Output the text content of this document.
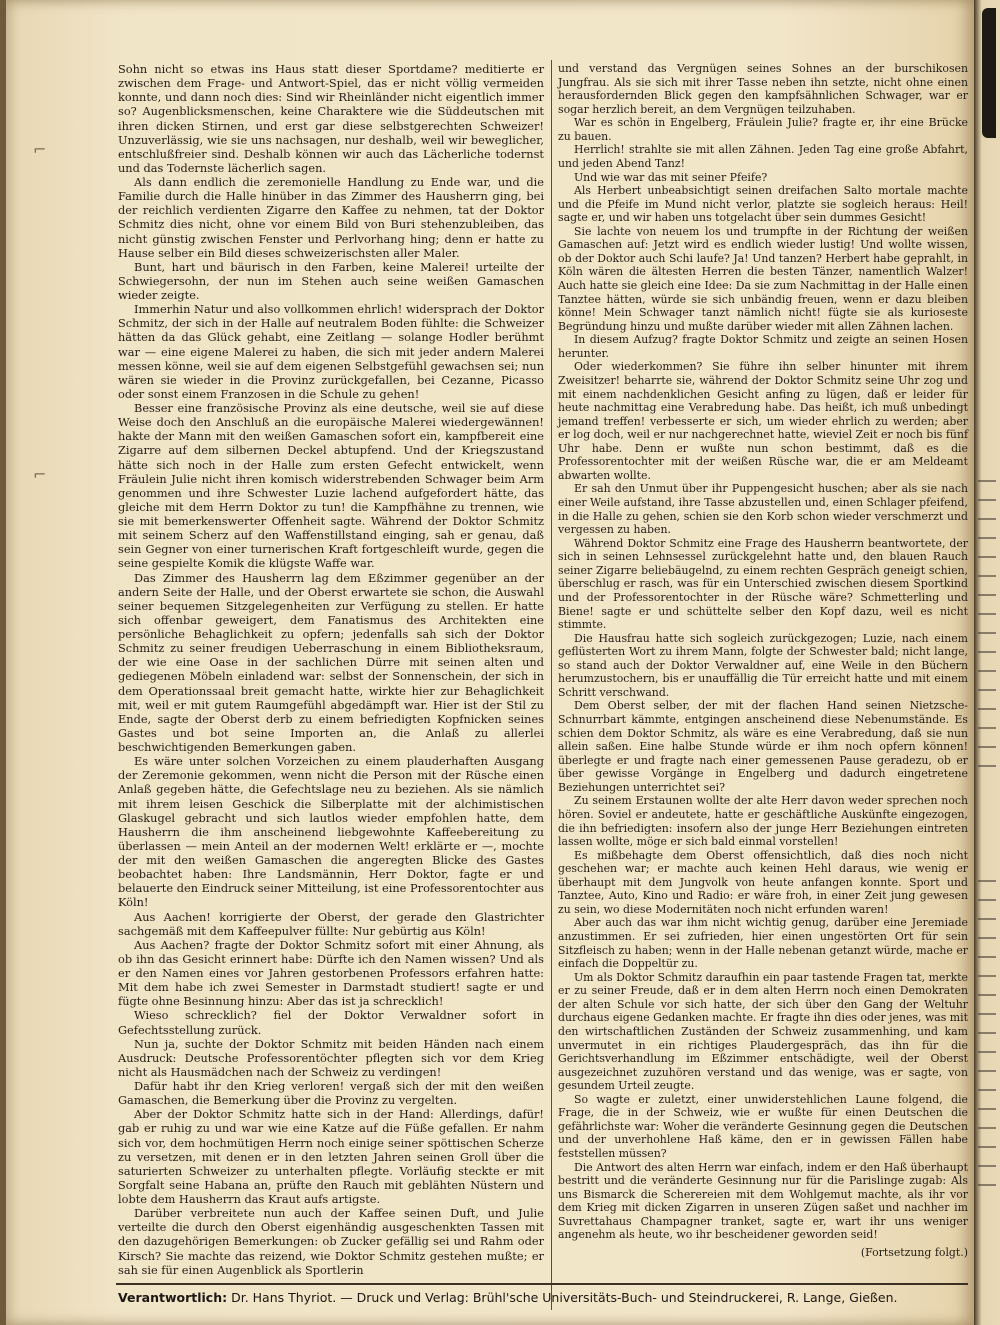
⌐
⌐

Sohn nicht so etwas ins Haus statt dieser Sportdame? meditierte er zwischen dem Frage- und Antwort-Spiel, das er nicht völlig vermeiden konnte, und dann noch dies: Sind wir Rheinländer nicht eigentlich immer so? Augenblicksmenschen, keine Charaktere wie die Süddeutschen mit ihren dicken Stirnen, und erst gar diese selbstgerechten Schweizer! Unzuverlässig, wie sie uns nachsagen, nur deshalb, weil wir beweglicher, entschlußfreier sind. Deshalb können wir auch das Lächerliche todernst und das Todernste lächerlich sagen.

Als dann endlich die zeremonielle Handlung zu Ende war, und die Familie durch die Halle hinüber in das Zimmer des Hausherrn ging, bei der reichlich verdienten Zigarre den Kaffee zu nehmen, tat der Doktor Schmitz dies nicht, ohne vor einem Bild von Buri stehenzubleiben, das nicht günstig zwischen Fenster und Perlvorhang hing; denn er hatte zu Hause selber ein Bild dieses schweizerischsten aller Maler.

Bunt, hart und bäurisch in den Farben, keine Malerei! urteilte der Schwiegersohn, der nun im Stehen auch seine weißen Gamaschen wieder zeigte.

Immerhin Natur und also vollkommen ehrlich! widersprach der Doktor Schmitz, der sich in der Halle auf neutralem Boden fühlte: die Schweizer hätten da das Glück gehabt, eine Zeitlang — solange Hodler berühmt war — eine eigene Malerei zu haben, die sich mit jeder andern Malerei messen könne, weil sie auf dem eigenen Selbstgefühl gewachsen sei; nun wären sie wieder in die Provinz zurückgefallen, bei Cezanne, Picasso oder sonst einem Franzosen in die Schule zu gehen!

Besser eine französische Provinz als eine deutsche, weil sie auf diese Weise doch den Anschluß an die europäische Malerei wiedergewännen! hakte der Mann mit den weißen Gamaschen sofort ein, kampfbereit eine Zigarre auf dem silbernen Deckel abtupfend. Und der Kriegszustand hätte sich noch in der Halle zum ersten Gefecht entwickelt, wenn Fräulein Julie nicht ihren komisch widerstrebenden Schwager beim Arm genommen und ihre Schwester Luzie lachend aufgefordert hätte, das gleiche mit dem Herrn Doktor zu tun! die Kampfhähne zu trennen, wie sie mit bemerkenswerter Offenheit sagte. Während der Doktor Schmitz mit seinem Scherz auf den Waffenstillstand einging, sah er genau, daß sein Gegner von einer turnerischen Kraft fortgeschleift wurde, gegen die seine gespielte Komik die klügste Waffe war.

Das Zimmer des Hausherrn lag dem Eßzimmer gegenüber an der andern Seite der Halle, und der Oberst erwartete sie schon, die Auswahl seiner bequemen Sitzgelegenheiten zur Verfügung zu stellen. Er hatte sich offenbar geweigert, dem Fanatismus des Architekten eine persönliche Behaglichkeit zu opfern; jedenfalls sah sich der Doktor Schmitz zu seiner freudigen Ueberraschung in einem Bibliotheksraum, der wie eine Oase in der sachlichen Dürre mit seinen alten und gediegenen Möbeln einladend war: selbst der Sonnenschein, der sich in dem Operationssaal breit gemacht hatte, wirkte hier zur Behaglichkeit mit, weil er mit gutem Raumgefühl abgedämpft war. Hier ist der Stil zu Ende, sagte der Oberst derb zu einem befriedigten Kopfnicken seines Gastes und bot seine Importen an, die Anlaß zu allerlei beschwichtigenden Bemerkungen gaben.

Es wäre unter solchen Vorzeichen zu einem plauderhaften Ausgang der Zeremonie gekommen, wenn nicht die Person mit der Rüsche einen Anlaß gegeben hätte, die Gefechtslage neu zu beziehen. Als sie nämlich mit ihrem leisen Geschick die Silberplatte mit der alchimistischen Glaskugel gebracht und sich lautlos wieder empfohlen hatte, dem Hausherrn die ihm anscheinend liebgewohnte Kaffeebereitung zu überlassen — mein Anteil an der modernen Welt! erklärte er —, mochte der mit den weißen Gamaschen die angeregten Blicke des Gastes beobachtet haben: Ihre Landsmännin, Herr Doktor, fagte er und belauerte den Eindruck seiner Mitteilung, ist eine Professorentochter aus Köln!

Aus Aachen! korrigierte der Oberst, der gerade den Glastrichter sachgemäß mit dem Kaffeepulver füllte: Nur gebürtig aus Köln!

Aus Aachen? fragte der Doktor Schmitz sofort mit einer Ahnung, als ob ihn das Gesicht erinnert habe: Dürfte ich den Namen wissen? Und als er den Namen eines vor Jahren gestorbenen Professors erfahren hatte: Mit dem habe ich zwei Semester in Darmstadt studiert! sagte er und fügte ohne Besinnung hinzu: Aber das ist ja schrecklich!

Wieso schrecklich? fiel der Doktor Verwaldner sofort in Gefechtsstellung zurück.

Nun ja, suchte der Doktor Schmitz mit beiden Händen nach einem Ausdruck: Deutsche Professorentöchter pflegten sich vor dem Krieg nicht als Hausmädchen nach der Schweiz zu verdingen!

Dafür habt ihr den Krieg verloren! vergaß sich der mit den weißen Gamaschen, die Bemerkung über die Provinz zu vergelten.

Aber der Doktor Schmitz hatte sich in der Hand: Allerdings, dafür! gab er ruhig zu und war wie eine Katze auf die Füße gefallen. Er nahm sich vor, dem hochmütigen Herrn noch einige seiner spöttischen Scherze zu versetzen, mit denen er in den letzten Jahren seinen Groll über die saturierten Schweizer zu unterhalten pflegte. Vorläufig steckte er mit Sorgfalt seine Habana an, prüfte den Rauch mit geblähten Nüstern und lobte dem Hausherrn das Kraut aufs artigste.

Darüber verbreitete nun auch der Kaffee seinen Duft, und Julie verteilte die durch den Oberst eigenhändig ausgeschenkten Tassen mit den dazugehörigen Bemerkungen: ob Zucker gefällig sei und Rahm oder Kirsch? Sie machte das reizend, wie Doktor Schmitz gestehen mußte; er sah sie für einen Augenblick als Sportlerin

und verstand das Vergnügen seines Sohnes an der burschikosen Jungfrau. Als sie sich mit ihrer Tasse neben ihn setzte, nicht ohne einen herausfordernden Blick gegen den kampfsähnlichen Schwager, war er sogar herzlich bereit, an dem Vergnügen teilzuhaben.

War es schön in Engelberg, Fräulein Julie? fragte er, ihr eine Brücke zu bauen.

Herrlich! strahlte sie mit allen Zähnen. Jeden Tag eine große Abfahrt, und jeden Abend Tanz!

Und wie war das mit seiner Pfeife?

Als Herbert unbeabsichtigt seinen dreifachen Salto mortale machte und die Pfeife im Mund nicht verlor, platzte sie sogleich heraus: Heil! sagte er, und wir haben uns totgelacht über sein dummes Gesicht!

Sie lachte von neuem los und trumpfte in der Richtung der weißen Gamaschen auf: Jetzt wird es endlich wieder lustig! Und wollte wissen, ob der Doktor auch Schi laufe? Ja! Und tanzen? Herbert habe geprahlt, in Köln wären die ältesten Herren die besten Tänzer, namentlich Walzer! Auch hatte sie gleich eine Idee: Da sie zum Nachmittag in der Halle einen Tanztee hätten, würde sie sich unbändig freuen, wenn er dazu bleiben könne! Mein Schwager tanzt nämlich nicht! fügte sie als kurioseste Begründung hinzu und mußte darüber wieder mit allen Zähnen lachen.

In diesem Aufzug? fragte Doktor Schmitz und zeigte an seinen Hosen herunter.

Oder wiederkommen? Sie führe ihn selber hinunter mit ihrem Zweisitzer! beharrte sie, während der Doktor Schmitz seine Uhr zog und mit einem nachdenklichen Gesicht anfing zu lügen, daß er leider für heute nachmittag eine Verabredung habe. Das heißt, ich muß unbedingt jemand treffen! verbesserte er sich, um wieder ehrlich zu werden; aber er log doch, weil er nur nachgerechnet hatte, wieviel Zeit er noch bis fünf Uhr habe. Denn er wußte nun schon bestimmt, daß es die Professorentochter mit der weißen Rüsche war, die er am Meldeamt abwarten wollte.

Er sah den Unmut über ihr Puppengesicht huschen; aber als sie nach einer Weile aufstand, ihre Tasse abzustellen und, einen Schlager pfeifend, in die Halle zu gehen, schien sie den Korb schon wieder verschmerzt und vergessen zu haben.

Während Doktor Schmitz eine Frage des Hausherrn beantwortete, der sich in seinen Lehnsessel zurückgelehnt hatte und, den blauen Rauch seiner Zigarre beliebäugelnd, zu einem rechten Gespräch geneigt schien, überschlug er rasch, was für ein Unterschied zwischen diesem Sportkind und der Professorentochter in der Rüsche wäre? Schmetterling und Biene! sagte er und schüttelte selber den Kopf dazu, weil es nicht stimmte.

Die Hausfrau hatte sich sogleich zurückgezogen; Luzie, nach einem geflüsterten Wort zu ihrem Mann, folgte der Schwester bald; nicht lange, so stand auch der Doktor Verwaldner auf, eine Weile in den Büchern herumzustochern, bis er unauffällig die Tür erreicht hatte und mit einem Schritt verschwand.

Dem Oberst selber, der mit der flachen Hand seinen Nietzsche-Schnurrbart kämmte, entgingen anscheinend diese Nebenumstände. Es schien dem Doktor Schmitz, als wäre es eine Verabredung, daß sie nun allein saßen. Eine halbe Stunde würde er ihm noch opfern können! überlegte er und fragte nach einer gemessenen Pause geradezu, ob er über gewisse Vorgänge in Engelberg und dadurch eingetretene Beziehungen unterrichtet sei?

Zu seinem Erstaunen wollte der alte Herr davon weder sprechen noch hören. Soviel er andeutete, hatte er geschäftliche Auskünfte eingezogen, die ihn befriedigten: insofern also der junge Herr Beziehungen eintreten lassen wollte, möge er sich bald einmal vorstellen!

Es mißbehagte dem Oberst offensichtlich, daß dies noch nicht geschehen war; er machte auch keinen Hehl daraus, wie wenig er überhaupt mit dem Jungvolk von heute anfangen konnte. Sport und Tanztee, Auto, Kino und Radio: er wäre froh, in einer Zeit jung gewesen zu sein, wo diese Modernitäten noch nicht erfunden waren!

Aber auch das war ihm nicht wichtig genug, darüber eine Jeremiade anzustimmen. Er sei zufrieden, hier einen ungestörten Ort für sein Sitzfleisch zu haben; wenn in der Halle nebenan getanzt würde, mache er einfach die Doppeltür zu.

Um als Doktor Schmitz daraufhin ein paar tastende Fragen tat, merkte er zu seiner Freude, daß er in dem alten Herrn noch einen Demokraten der alten Schule vor sich hatte, der sich über den Gang der Weltuhr durchaus eigene Gedanken machte. Er fragte ihn dies oder jenes, was mit den wirtschaftlichen Zuständen der Schweiz zusammenhing, und kam unvermutet in ein richtiges Plaudergespräch, das ihn für die Gerichtsverhandlung im Eßzimmer entschädigte, weil der Oberst ausgezeichnet zuzuhören verstand und das wenige, was er sagte, von gesundem Urteil zeugte.

So wagte er zuletzt, einer unwiderstehlichen Laune folgend, die Frage, die in der Schweiz, wie er wußte für einen Deutschen die gefährlichste war: Woher die veränderte Gesinnung gegen die Deutschen und der unverhohlene Haß käme, den er in gewissen Fällen habe feststellen müssen?

Die Antwort des alten Herrn war einfach, indem er den Haß überhaupt bestritt und die veränderte Gesinnung nur für die Parislinge zugab: Als uns Bismarck die Scherereien mit dem Wohlgemut machte, als ihr vor dem Krieg mit dicken Zigarren in unseren Zügen saßet und nachher im Suvrettahaus Champagner tranket, sagte er, wart ihr uns weniger angenehm als heute, wo ihr bescheidener geworden seid!

(Fortsetzung folgt.)

Verantwortlich: Dr. Hans Thyriot. — Druck und Verlag: Brühl'sche Universitäts-Buch- und Steindruckerei, R. Lange, Gießen.
